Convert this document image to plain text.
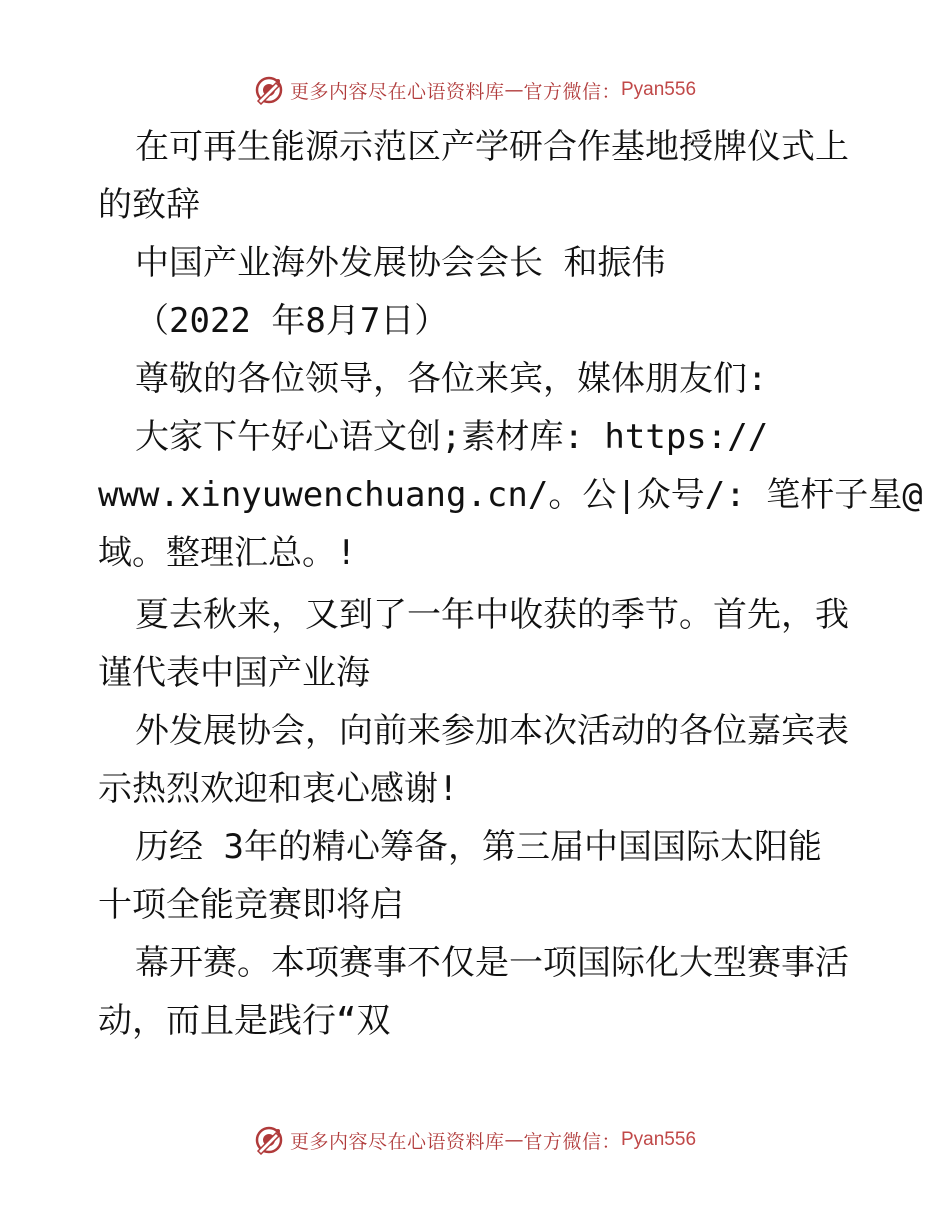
更多内容尽在心语资料库 — 官方微信： Pyan556
在可再生能源示范区产学研合作基地授牌仪式上
的致辞
中国产业海外发展协会会长 和振伟
（2022 年8月7日）
尊敬的各位领导，各位来宾，媒体朋友们:
大家下午好心语文创;素材库: https://
www.xinyuwenchuang.cn/。公|众号/: 笔杆子星@
域。整理汇总。!
夏去秋来，又到了一年中收获的季节。首先，我
谨代表中国产业海
外发展协会，向前来参加本次活动的各位嘉宾表
示热烈欢迎和衷心感谢!
历经 3年的精心筹备，第三届中国国际太阳能
十项全能竞赛即将启
幕开赛。本项赛事不仅是一项国际化大型赛事活
动，而且是践行“双
更多内容尽在心语资料库 — 官方微信： Pyan556
